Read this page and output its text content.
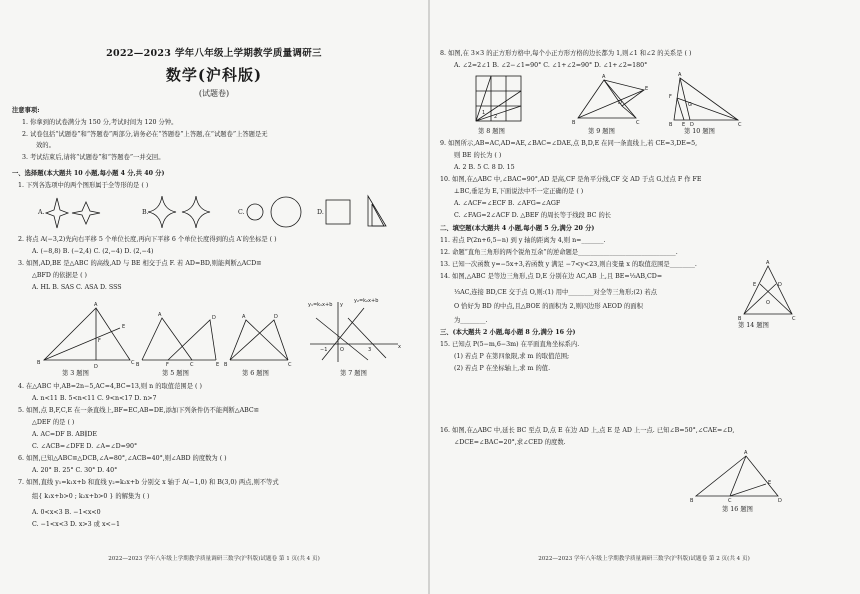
2022—2023 学年八年级上学期教学质量调研三
数学(沪科版)
(试题卷)
注意事项:
1. 你拿到的试卷满分为 150 分,考试时间为 120 分钟。
2. 试卷包括“试题卷”和“答题卷”两部分,请务必在“答题卷”上答题,在“试题卷”上答题是无
效的。
3. 考试结束后,请将“试题卷”和“答题卷”一并交回。
一、选择题(本大题共 10 小题,每小题 4 分,共 40 分)
1. 下列各选项中的两个图形属于全等形的是 ( )
A.	B.	C.	D.
2. 将点 A(−3,2)先向右平移 5 个单位长度,再向下平移 6 个单位长度得到的点 A′的坐标是 ( )
A. (−8,8) B. (−2,4) C. (2,−4) D. (2,−4)
3. 如图,AD,BE 是△ABC 的高线,AD 与 BE 相交于点 F. 若 AD=BD,则能判断△ACD≌
△BFD 的依据是 ( )
A. HL B. SAS C. ASA D. SSS
A
E
F
B
D
C
A	D
B	F	C	E
A	D
B	C
y₁=k₁x+b
y₂=k₂x+b
y
x
−1	O	3
第 3 题图	第 5 题图	第 6 题图	第 7 题图
4. 在△ABC 中,AB=2n−5,AC=4,BC=13,则 n 的取值范围是 ( )
A. n<11 B. 5<n<11 C. 9<n<17 D. n>7
5. 如图,点 B,F,C,E 在一条直线上,BF=EC,AB=DE,添加下列条件仍不能判断△ABC≌
△DEF 的是 ( )
A. AC=DF B. AB∥DE
C. ∠ACB=∠DFE D. ∠A=∠D=90°
6. 如图,已知△ABC≌△DCB,∠A=80°,∠ACB=40°,则∠ABD 的度数为 ( )
A. 20° B. 25° C. 30° D. 40°
7. 如图,直线 y₁=k₁x+b 和直线 y₂=k₂x+b 分别交 x 轴于 A(−1,0) 和 B(3,0) 两点,则不等式
组{ k₁x+b>0 ; k₂x+b>0 } 的解集为 ( )
A. 0<x<3 B. −1<x<0
C. −1<x<3 D. x>3 或 x<−1
2022—2023 学年八年级上学期教学质量调研三数学(沪科版)试题卷 第 1 页(共 4 页)
8. 如图,在 3×3 的正方形方格中,每个小正方形方格的边长都为 1,则∠1 和∠2 的关系是 ( )
A. ∠2=2∠1 B. ∠2−∠1=90° C. ∠1+∠2=90° D. ∠1+∠2=180°
1
2
A
E
D
B	C
A
F
G
B E D	C
第 8 题图	第 9 题图	第 10 题图
9. 如图所示,AB=AC,AD=AE,∠BAC=∠DAE,点 B,D,E 在同一条直线上,若 CE=3,DE=5,
则 BE 的长为 ( )
A. 2 B. 5 C. 8 D. 15
10. 如图,在△ABC 中,∠BAC=90°,AD 是高,CF 是角平分线,CF 交 AD 于点 G,过点 F 作 FE
⊥BC,垂足为 E,下面说法中不一定正确的是 ( )
A. ∠ACF=∠ECF B. ∠AFG=∠AGF
C. ∠FAG=2∠ACF D. △BEF 的周长等于线段 BC 的长
二、填空题(本大题共 4 小题,每小题 5 分,满分 20 分)
11. 若点 P(2n+6,5−n) 到 y 轴的距离为 4,则 n=_______.
12. 命题“直角三角形的两个锐角互余”的逆命题是_______________________________.
13. 已知一次函数 y=−5x+3,若函数 y 满足 −7<y<23,则自变量 x 的取值范围是________.
14. 如图,△ABC 是等边三角形,点 D,E 分别在边 AC,AB 上,且 BE=⅓AB,CD=
⅓AC,连接 BD,CE 交于点 O,则:(1) 用中________对全等三角形;(2) 若点
O 恰好为 BD 的中点,且△BOE 的面积为 2,则四边形 AEOD 的面积
为________.
A
E	D
O
B	C
第 14 题图
三、(本大题共 2 小题,每小题 8 分,满分 16 分)
15. 已知点 P(5−m,6−3m) 在平面直角坐标系内.
(1) 若点 P 在第四象限,求 m 的取值范围;
(2) 若点 P 在坐标轴上,求 m 的值.
16. 如图,在△ABC 中,延长 BC 至点 D,点 E 在边 AD 上,点 E 是 AD 上一点. 已知∠B=50°,∠CAE=∠D,
∠DCE=∠BAC=20°,求∠CED 的度数.
A
E
B	C	D
第 16 题图
2022—2023 学年八年级上学期教学质量调研三数学(沪科版)试题卷 第 2 页(共 4 页)
